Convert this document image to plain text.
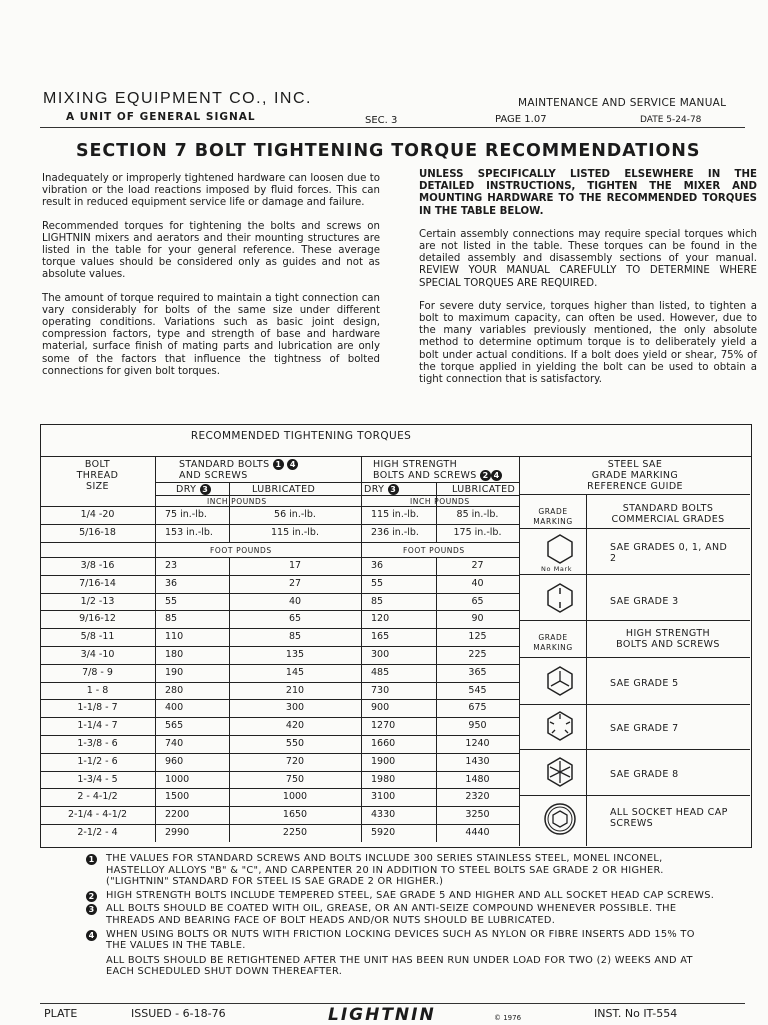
MIXING EQUIPMENT CO., INC.
A UNIT OF GENERAL SIGNAL	SEC. 3
MAINTENANCE AND SERVICE MANUAL
PAGE 1.07	DATE 5-24-78
SECTION 7 BOLT TIGHTENING TORQUE RECOMMENDATIONS

Inadequately or improperly tightened hardware can loosen due to vibration or the load reactions imposed by fluid forces. This can result in reduced equipment service life or damage and failure.

Recommended torques for tightening the bolts and screws on LIGHTNIN mixers and aerators and their mounting structures are listed in the table for your general reference. These average torque values should be considered only as guides and not as absolute values.

The amount of torque required to maintain a tight connection can vary considerably for bolts of the same size under different operating conditions. Variations such as basic joint design, compression factors, type and strength of base and hardware material, surface finish of mating parts and lubrication are only some of the factors that influence the tightness of bolted connections for given bolt torques.

UNLESS SPECIFICALLY LISTED ELSEWHERE IN THE DETAILED INSTRUCTIONS, TIGHTEN THE MIXER AND MOUNTING HARDWARE TO THE RECOMMENDED TORQUES IN THE TABLE BELOW.

Certain assembly connections may require special torques which are not listed in the table. These torques can be found in the detailed assembly and disassembly sections of your manual. REVIEW YOUR MANUAL CAREFULLY TO DETERMINE WHERE SPECIAL TORQUES ARE REQUIRED.

For severe duty service, torques higher than listed, to tighten a bolt to maximum capacity, can often be used. However, due to the many variables previously mentioned, the only absolute method to determine optimum torque is to deliberately yield a bolt under actual conditions. If a bolt does yield or shear, 75% of the torque applied in yielding the bolt can be used to obtain a tight connection that is satisfactory.

RECOMMENDED TIGHTENING TORQUES
BOLT
THREAD
SIZE
STANDARD BOLTS 1 4
AND SCREWS
HIGH STRENGTH
BOLTS AND SCREWS 2 4
DRY 3	LUBRICATED	DRY 3	LUBRICATED
INCH POUNDS	INCH POUNDS
1/4 -20	75 in.-lb.	56 in.-lb.	115 in.-lb.	85 in.-lb.
5/16-18	153 in.-lb.	115 in.-lb.	236 in.-lb.	175 in.-lb.
FOOT POUNDS	FOOT POUNDS
3/8 -16	23	17	36	27
7/16-14	36	27	55	40
1/2 -13	55	40	85	65
9/16-12	85	65	120	90
5/8 -11	110	85	165	125
3/4 -10	180	135	300	225
7/8 - 9	190	145	485	365
1 - 8	280	210	730	545
1-1/8 - 7	400	300	900	675
1-1/4 - 7	565	420	1270	950
1-3/8 - 6	740	550	1660	1240
1-1/2 - 6	960	720	1900	1430
1-3/4 - 5	1000	750	1980	1480
2 - 4-1/2	1500	1000	3100	2320
2-1/4 - 4-1/2	2200	1650	4330	3250
2-1/2 - 4	2990	2250	5920	4440
STEEL SAE
GRADE MARKING
REFERENCE GUIDE
GRADE
MARKING
STANDARD BOLTS
COMMERCIAL GRADES
No Mark
SAE GRADES 0, 1, AND 2
SAE GRADE 3
GRADE
MARKING
HIGH STRENGTH
BOLTS AND SCREWS
SAE GRADE 5
SAE GRADE 7
SAE GRADE 8
ALL SOCKET HEAD CAP SCREWS
1 THE VALUES FOR STANDARD SCREWS AND BOLTS INCLUDE 300 SERIES STAINLESS STEEL, MONEL INCONEL, HASTELLOY ALLOYS "B" & "C", AND CARPENTER 20 IN ADDITION TO STEEL BOLTS SAE GRADE 2 OR HIGHER. ("LIGHTNIN" STANDARD FOR STEEL IS SAE GRADE 2 OR HIGHER.)
2 HIGH STRENGTH BOLTS INCLUDE TEMPERED STEEL, SAE GRADE 5 AND HIGHER AND ALL SOCKET HEAD CAP SCREWS.
3 ALL BOLTS SHOULD BE COATED WITH OIL, GREASE, OR AN ANTI-SEIZE COMPOUND WHENEVER POSSIBLE. THE THREADS AND BEARING FACE OF BOLT HEADS AND/OR NUTS SHOULD BE LUBRICATED.
4 WHEN USING BOLTS OR NUTS WITH FRICTION LOCKING DEVICES SUCH AS NYLON OR FIBRE INSERTS ADD 15% TO THE VALUES IN THE TABLE.
ALL BOLTS SHOULD BE RETIGHTENED AFTER THE UNIT HAS BEEN RUN UNDER LOAD FOR TWO (2) WEEKS AND AT EACH SCHEDULED SHUT DOWN THEREAFTER.
PLATE	ISSUED - 6-18-76	LIGHTNIN	© 1976	INST. No IT-554
